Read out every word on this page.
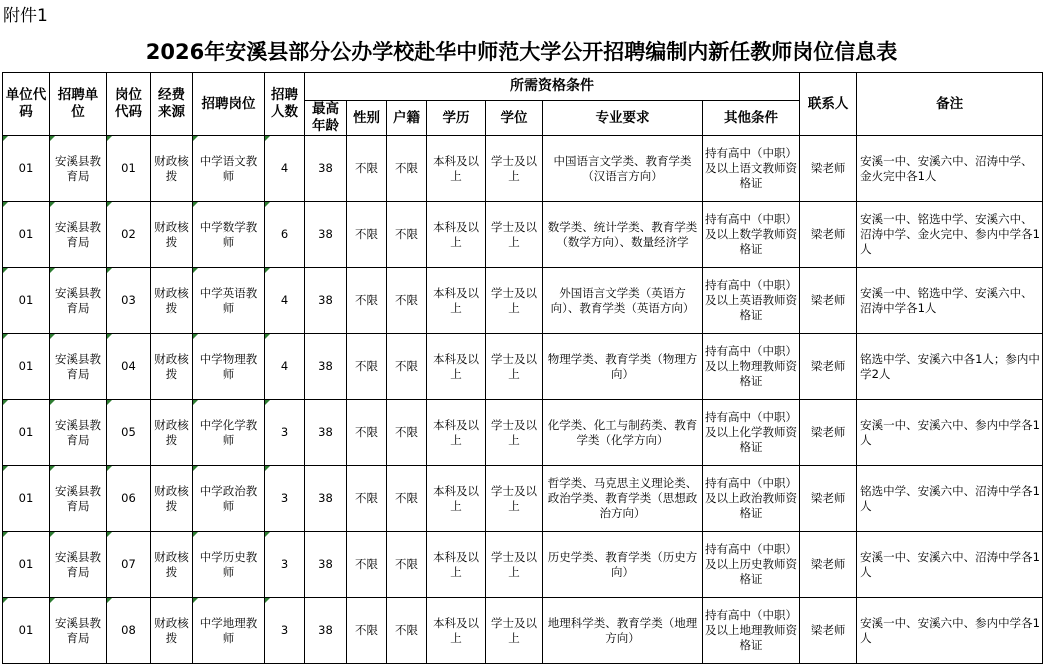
附件1
2026年安溪县部分公办学校赴华中师范大学公开招聘编制内新任教师岗位信息表
单位代码	招聘单位	岗位代码	经费来源	招聘岗位	招聘人数	所需资格条件							联系人	备注
						最高年龄	性别	户籍	学历	学位	专业要求	其他条件		
01	安溪县教育局	01	财政核拨	中学语文教师	4	38	不限	不限	本科及以上	学士及以上	中国语言文学类、教育学类（汉语言方向）	持有高中（中职）及以上语文教师资格证	梁老师	安溪一中、安溪六中、沼涛中学、金火完中各1人
01	安溪县教育局	02	财政核拨	中学数学教师	6	38	不限	不限	本科及以上	学士及以上	数学类、统计学类、教育学类（数学方向）、数量经济学	持有高中（中职）及以上数学教师资格证	梁老师	安溪一中、铭选中学、安溪六中、沼涛中学、金火完中、参内中学各1人
01	安溪县教育局	03	财政核拨	中学英语教师	4	38	不限	不限	本科及以上	学士及以上	外国语言文学类（英语方向）、教育学类（英语方向）	持有高中（中职）及以上英语教师资格证	梁老师	安溪一中、铭选中学、安溪六中、沼涛中学各1人
01	安溪县教育局	04	财政核拨	中学物理教师	4	38	不限	不限	本科及以上	学士及以上	物理学类、教育学类（物理方向）	持有高中（中职）及以上物理教师资格证	梁老师	铭选中学、安溪六中各1人；参内中学2人
01	安溪县教育局	05	财政核拨	中学化学教师	3	38	不限	不限	本科及以上	学士及以上	化学类、化工与制药类、教育学类（化学方向）	持有高中（中职）及以上化学教师资格证	梁老师	安溪一中、安溪六中、参内中学各1人
01	安溪县教育局	06	财政核拨	中学政治教师	3	38	不限	不限	本科及以上	学士及以上	哲学类、马克思主义理论类、政治学类、教育学类（思想政治方向）	持有高中（中职）及以上政治教师资格证	梁老师	铭选中学、安溪六中、沼涛中学各1人
01	安溪县教育局	07	财政核拨	中学历史教师	3	38	不限	不限	本科及以上	学士及以上	历史学类、教育学类（历史方向）	持有高中（中职）及以上历史教师资格证	梁老师	安溪一中、安溪六中、沼涛中学各1人
01	安溪县教育局	08	财政核拨	中学地理教师	3	38	不限	不限	本科及以上	学士及以上	地理科学类、教育学类（地理方向）	持有高中（中职）及以上地理教师资格证	梁老师	安溪一中、安溪六中、参内中学各1人
